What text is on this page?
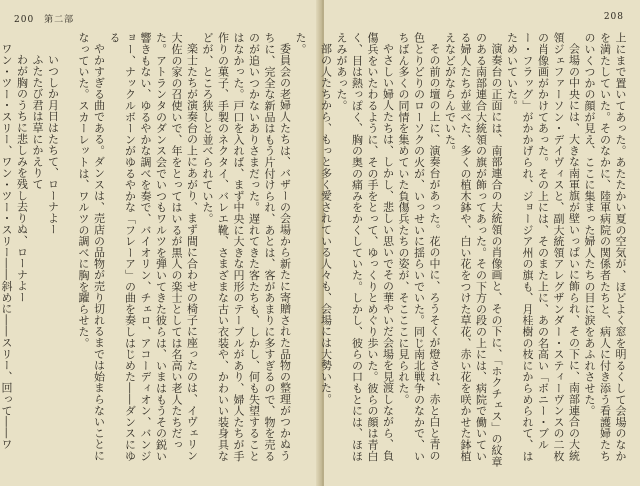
200 第二部

た。

委員会の老婦人たちは、バザーの会場から新たに寄贈された品物の整理がつかぬうちに、完全な新品はもう片付けられ、あとは、客があまりに多すぎるので、物を売るのが追いつかないありさまだった。遅れてきた客たちも、しかし、何も失望することはなかった。戸口を入れば、まず中央に大きな円形のテーブルがあり、婦人たちが手作りの菓子、手製のネクタイ、バレエ靴、さまざまな古い衣装や、かわいい装身具などが、ところ狭しと並べられていた。

楽士たちが演奏台の上にあがり、まず間に合わせの椅子に座ったのは、イヴェリン大佐の家の召使いで、年をとってはいるが黒人の楽士としては名高い老人たちだった。アトランタのダンス会でいつもワルツを弾いてきた彼らは、いまはもうその鋭い響きもない、ゆるやかな調べを奏で、バイオリン、チェロ、アコーディオン、バンジョー、ナックルボーンがゆるやかな「フレーア」の曲を奏しはじめた――ダンスにゆる

やかすぎる曲である。ダンスは、売店の品物が売り切れるまでは始まらないことになっていた。スカーレットは、ワルツの調べに胸を躍らせた。

いつしか月日はたちて、ローナよー

ふたたび君は草にかえりて

わが胸のうちに悲しみを残し去りぬ、ローナよー

ワン・ツー・スリー、ワン・ツー・スリー――斜めに――スリー、回って――ワ

208

上にまで置いてあった。あたたかい夏の空気が、ほどよく窓を明るくして会場のなかを満たしていた。そのなかに、陸軍病院の関係者たちと、病人に付き添う看護婦たちのいくつかの顔が見え、ここに集まった婦人たちの目に涙をあふれさせた。

会場の中央には、大きな南軍旗が壁いっぱいに飾られ、その下に、南部連合の大統領ジェファーソン・デイヴィスと、副大統領アレグザンダー・スティーヴンスの二枚の肖像画がかけてあった。その上には、そのまた上に、あの名高い「ボニー・ブルー・フラッグ」がかかげられ、ジョージア州の旗も、月桂樹の枝にからめられて、はためいていた。

演奏台の正面には、南部連合の大統領の肖像画と、その下に、「ホクチェス」の紋章のある南部連合大統領の旗が飾ってあった。その下方の段の上には、病院で働いている婦人たちが並べた、多くの植木鉢や、白い花をつけた草花、赤い花を咲かせた鉢植えなどがならんでいた。

その前の壇の上に、演奏台があった。花の中に、ろうそくが燈され、赤と白と青の色とりどりのローソクの火が、いっせいに揺らいでいた。同じ南北戦争のなかで、いちばん多くの同情を集めていた負傷兵たちの姿が、そこここに見られた。

やさしい婦人たちは、しかし、悲しい思いでその華やいだ会場を見渡しながら、負傷兵をいたわるように、その手をとって、ゆっくりとめぐり歩いた。彼らの顔は青白く、目は熱っぽく、胸の奥の痛みをかくしていた。しかし、彼らの口もとには、ほほえみがあった。

部の人たちから、もっと多く愛されている人々も、会場には大勢いた。
